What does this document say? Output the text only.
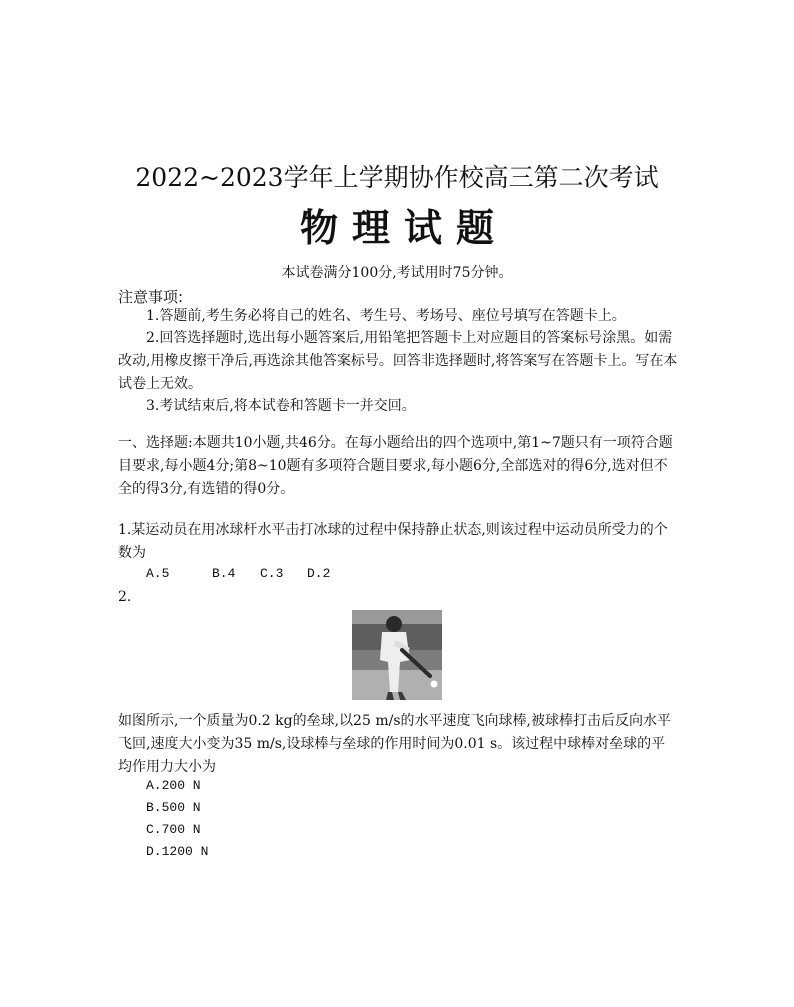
2022~2023学年上学期协作校高三第二次考试
物理试题
本试卷满分100分,考试用时75分钟。
注意事项:
1.答题前,考生务必将自己的姓名、考生号、考场号、座位号填写在答题卡上。
2.回答选择题时,选出每小题答案后,用铅笔把答题卡上对应题目的答案标号涂黑。如需改动,用橡皮擦干净后,再选涂其他答案标号。回答非选择题时,将答案写在答题卡上。写在本试卷上无效。
3.考试结束后,将本试卷和答题卡一并交回。
一、选择题:本题共10小题,共46分。在每小题给出的四个选项中,第1~7题只有一项符合题目要求,每小题4分;第8~10题有多项符合题目要求,每小题6分,全部选对的得6分,选对但不全的得3分,有选错的得0分。
1.某运动员在用冰球杆水平击打冰球的过程中保持静止状态,则该过程中运动员所受力的个数为
A.5	B.4 C.3 D.2
2.
如图所示,一个质量为0.2 kg的垒球,以25 m/s的水平速度飞向球棒,被球棒打击后反向水平飞回,速度大小变为35 m/s,设球棒与垒球的作用时间为0.01 s。该过程中球棒对垒球的平均作用力大小为
A.200 N
B.500 N
C.700 N
D.1200 N
